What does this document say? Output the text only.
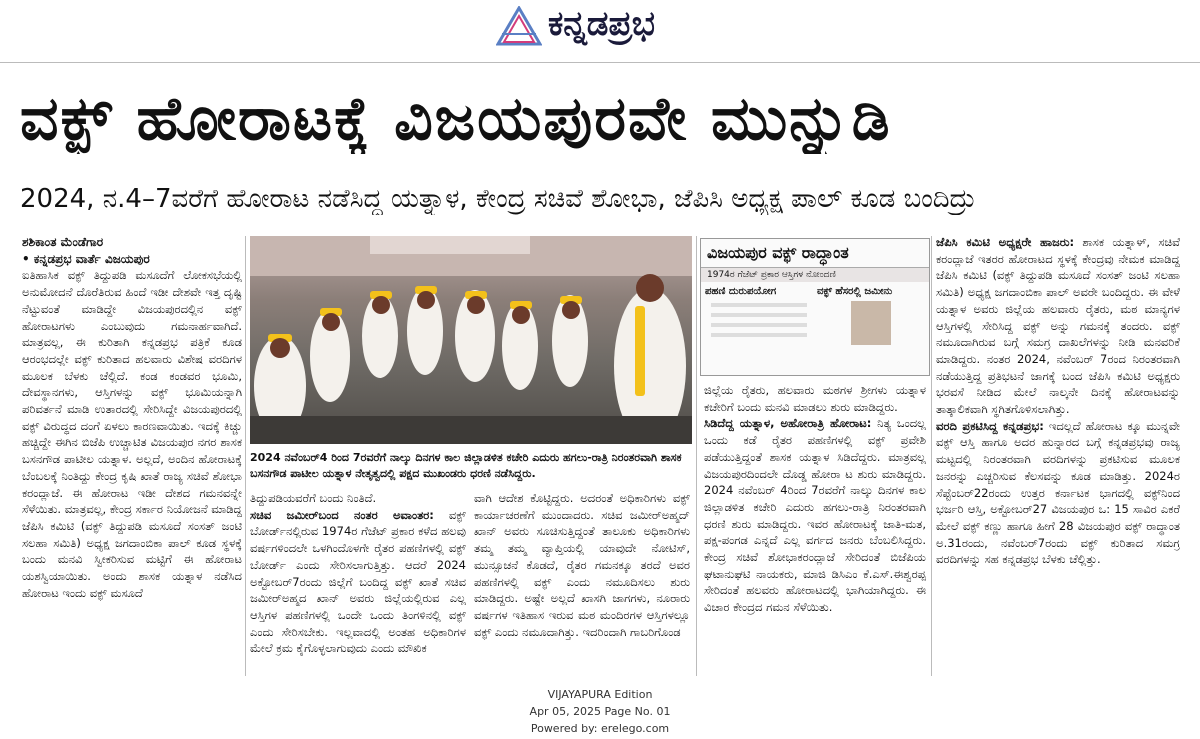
ಕನ್ನಡಪ್ರಭ
ವಕ್ಫ್ ಹೋರಾಟಕ್ಕೆ ವಿಜಯಪುರವೇ ಮುನ್ನುಡಿ
2024, ನ.4–7ವರೆಗೆ ಹೋರಾಟ ನಡೆಸಿದ್ದ ಯತ್ನಾಳ, ಕೇಂದ್ರ ಸಚಿವೆ ಶೋಭಾ, ಜೆಪಿಸಿ ಅಧ್ಯಕ್ಷ ಪಾಲ್ ಕೂಡ ಬಂದಿದ್ರು
ಶಶಿಕಾಂತ ಮೆಂಡೆಗಾರ
• ಕನ್ನಡಪ್ರಭ ವಾರ್ತೆ ವಿಜಯಪುರ
ಐತಿಹಾಸಿಕ ವಕ್ಫ್ ತಿದ್ದುಪಡಿ ಮಸೂದೆಗೆ ಲೋಕಸಭೆಯಲ್ಲಿ ಅನುಮೋದನೆ ದೊರೆತಿರುವ ಹಿಂದೆ ಇಡೀ ದೇಶವೇ ಇತ್ತ ದೃಷ್ಟಿ ನೆಟ್ಟುವಂತೆ ಮಾಡಿದ್ದೇ ವಿಜಯಪುರದಲ್ಲಿನ ವಕ್ಫ್ ಹೋರಾಟಗಳು ಎಂಬುವುದು ಗಮನಾರ್ಹವಾಗಿದೆ. ಮಾತ್ರವಲ್ಲ, ಈ ಕುರಿತಾಗಿ ಕನ್ನಡಪ್ರಭ ಪತ್ರಿಕೆ ಕೂಡ ಆರಂಭದಲ್ಲೇ ವಕ್ಫ್ ಕುರಿತಾದ ಹಲವಾರು ವಿಶೇಷ ವರದಿಗಳ ಮೂಲಕ ಬೆಳಕು ಚೆಲ್ಲಿದೆ. ಕಂಡ ಕಂಡವರ ಭೂಮಿ, ದೇವಸ್ಥಾನಗಳು, ಆಸ್ತಿಗಳನ್ನು ವಕ್ಫ್ ಭೂಮಿಯನ್ನಾಗಿ ಪರಿವರ್ತನೆ ಮಾಡಿ ಉತಾರದಲ್ಲಿ ಸೇರಿಸಿದ್ದೇ ವಿಜಯಪುರದಲ್ಲಿ ವಕ್ಫ್ ವಿರುದ್ಧದ ದಂಗೆ ಏಳಲು ಕಾರಣವಾಯಿತು. ಇದಕ್ಕೆ ಕಿಚ್ಚು ಹಚ್ಚಿದ್ದೇ ಈಗಿನ ಬಿಜೆಪಿ ಉಚ್ಚಾಟಿತ ವಿಜಯಪುರ ನಗರ ಶಾಸಕ ಬಸನಗೌಡ ಪಾಟೀಲ ಯತ್ನಾಳ. ಅಲ್ಲದೆ, ಅಂದಿನ ಹೋರಾಟಕ್ಕೆ ಬೆಂಬಲಕ್ಕೆ ನಿಂತಿದ್ದು ಕೇಂದ್ರ ಕೃಷಿ ಖಾತೆ ರಾಜ್ಯ ಸಚಿವೆ ಶೋಭಾ ಕರಂದ್ಲಾಜೆ. ಈ ಹೋರಾಟ ಇಡೀ ದೇಶದ ಗಮನವನ್ನೇ ಸೆಳೆಯಿತು. ಮಾತ್ರವಲ್ಲ, ಕೇಂದ್ರ ಸರ್ಕಾರ ನಿಯೋಜನೆ ಮಾಡಿದ್ದ ಜೆಪಿಸಿ ಕಮಿಟಿ (ವಕ್ಫ್ ತಿದ್ದುಪಡಿ ಮಸೂದೆ ಸಂಸತ್ ಜಂಟಿ ಸಲಹಾ ಸಮಿತಿ) ಅಧ್ಯಕ್ಷ ಜಗದಾಂಬಿಕಾ ಪಾಲ್ ಕೂಡ ಸ್ಥಳಕ್ಕೆ ಬಂದು ಮನವಿ ಸ್ವೀಕರಿಸುವ ಮಟ್ಟಿಗೆ ಈ ಹೋರಾಟ ಯಶಸ್ವಿಯಾಯಿತು. ಅಂದು ಶಾಸಕ ಯತ್ನಾಳ ನಡೆಸಿದ ಹೋರಾಟ ಇಂದು ವಕ್ಫ್ ಮಸೂದೆ
2024 ನವೆಂಬರ್4 ರಿಂದ 7ರವರೆಗೆ ನಾಲ್ಕು ದಿನಗಳ ಕಾಲ ಜಿಲ್ಲಾಡಳಿತ ಕಚೇರಿ ಎದುರು ಹಗಲು-ರಾತ್ರಿ ನಿರಂತರವಾಗಿ ಶಾಸಕ ಬಸನಗೌಡ ಪಾಟೀಲ ಯತ್ನಾಳ ನೇತೃತ್ವದಲ್ಲಿ ಪಕ್ಷದ ಮುಖಂಡರು ಧರಣಿ ನಡೆಸಿದ್ದರು.
ತಿದ್ದುಪಡಿಯವರೆಗೆ ಬಂದು ನಿಂತಿದೆ.
ಸಚಿವ ಜಮೀರ್‌ಬಂದ ನಂತರ ಅವಾಂತರ: ವಕ್ಫ್ ಬೋರ್ಡ್‌ನಲ್ಲಿರುವ 1974ರ ಗೆಜೆಟ್ ಪ್ರಕಾರ ಕಳೆದ ಹಲವು ವರ್ಷಗಳಿಂದಲೇ ಒಳಗಿಂದೊಳಗೇ ರೈತರ ಪಹಣಿಗಳಲ್ಲಿ ವಕ್ಫ್ ಬೋರ್ಡ್ ಎಂದು ಸೇರಿಸಲಾಗುತ್ತಿತ್ತು. ಆದರೆ 2024 ಅಕ್ಟೋಬರ್7ರಂದು ಜಿಲ್ಲೆಗೆ ಬಂದಿದ್ದ ವಕ್ಫ್ ಖಾತೆ ಸಚಿವ ಜಮೀರ್‌ಅಹ್ಮದ ಖಾನ್ ಅವರು ಜಿಲ್ಲೆಯಲ್ಲಿರುವ ಎಲ್ಲ ಆಸ್ತಿಗಳ ಪಹಣಿಗಳಲ್ಲಿ ಒಂದೇ ಒಂದು ತಿಂಗಳಿನಲ್ಲಿ ವಕ್ಫ್ ಎಂದು ಸೇರಿಸಬೇಕು. ಇಲ್ಲವಾದಲ್ಲಿ ಅಂತಹ ಅಧಿಕಾರಿಗಳ ಮೇಲೆ ಕ್ರಮ ಕೈಗೊಳ್ಳಲಾಗುವುದು ಎಂದು ಮೌಖಿಕ
ವಾಗಿ ಆದೇಶ ಕೊಟ್ಟಿದ್ದರು. ಅದರಂತೆ ಅಧಿಕಾರಿಗಳು ವಕ್ಫ್ ಕಾರ್ಯಾಚರಣೆಗೆ ಮುಂದಾದರು. ಸಚಿವ ಜಮೀರ್‌ಅಹ್ಮದ್ ಖಾನ್ ಅವರು ಸೂಚಿಸುತ್ತಿದ್ದಂತೆ ತಾಲೂಕು ಅಧಿಕಾರಿಗಳು ತಮ್ಮ ತಮ್ಮ ವ್ಯಾಪ್ತಿಯಲ್ಲಿ ಯಾವುದೇ ನೋಟಿಸ್, ಮುನ್ಸೂಚನೆ ಕೊಡದೆ, ರೈತರ ಗಮನಕ್ಕೂ ತರದೆ ಅವರ ಪಹಣಿಗಳಲ್ಲಿ ವಕ್ಫ್ ಎಂದು ನಮೂದಿಸಲು ಶುರು ಮಾಡಿದ್ದರು. ಅಷ್ಟೇ ಅಲ್ಲದೆ ಖಾಸಗಿ ಜಾಗಗಳು, ನೂರಾರು ವರ್ಷಗಳ ಇತಿಹಾಸ ಇರುವ ಮಠ ಮಂದಿರಗಳ ಆಸ್ತಿಗಳಲ್ಲೂ ವಕ್ಫ್ ಎಂದು ನಮೂದಾಗಿತ್ತು. ಇದರಿಂದಾಗಿ ಗಾಬರಿಗೊಂಡ
ವಿಜಯಪುರ ವಕ್ಫ್ ರಾದ್ಧಾಂತ
1974ರ ಗೆಜೆಟ್ ಪ್ರಕಾರ ಆಸ್ತಿಗಳ ನೋಂದಣಿ
ಪಹಣಿ ದುರುಪಯೋಗ	ವಕ್ಫ್ ಹೆಸರಲ್ಲಿ ಜಮೀನು
ಜಿಲ್ಲೆಯ ರೈತರು, ಹಲವಾರು ಮಠಗಳ ಶ್ರೀಗಳು ಯತ್ನಾಳ ಕಚೇರಿಗೆ ಬಂದು ಮನವಿ ಮಾಡಲು ಶುರು ಮಾಡಿದ್ದರು.
ಸಿಡಿದೆದ್ದ ಯತ್ನಾಳ, ಅಹೋರಾತ್ರಿ ಹೋರಾಟ: ನಿತ್ಯ ಒಂದಲ್ಲ ಒಂದು ಕಡೆ ರೈತರ ಪಹಣಿಗಳಲ್ಲಿ ವಕ್ಫ್ ಪ್ರವೇಶಿ ಪಡೆಯುತ್ತಿದ್ದಂತೆ ಶಾಸಕ ಯತ್ನಾಳ ಸಿಡಿದೆದ್ದರು. ಮಾತ್ರವಲ್ಲ ವಿಜಯಪುರದಿಂದಲೇ ದೊಡ್ಡ ಹೋರಾ ಟ ಶುರು ಮಾಡಿದ್ದರು. 2024 ನವೆಂಬರ್ 4ರಿಂದ 7ರವರೆಗೆ ನಾಲ್ಕು ದಿನಗಳ ಕಾಲ ಜಿಲ್ಲಾಡಳಿತ ಕಚೇರಿ ಎದುರು ಹಗಲು-ರಾತ್ರಿ ನಿರಂತರವಾಗಿ ಧರಣಿ ಶುರು ಮಾಡಿದ್ದರು. ಇವರ ಹೋರಾಟಕ್ಕೆ ಜಾತಿ-ಮತ, ಪಕ್ಷ-ಪಂಗಡ ಎನ್ನದೆ ಎಲ್ಲ ವರ್ಗದ ಜನರು ಬೆಂಬಲಿಸಿದ್ದರು. ಕೇಂದ್ರ ಸಚಿವೆ ಶೋಭಾಕರಂದ್ಲಾಜೆ ಸೇರಿದಂತೆ ಬಿಜೆಪಿಯ ಘಟಾನುಘಟಿ ನಾಯಕರು, ಮಾಜಿ ಡಿಸಿಎಂ ಕೆ.ಎಸ್.ಈಶ್ವರಪ್ಪ ಸೇರಿದಂತೆ ಹಲವರು ಹೋರಾಟದಲ್ಲಿ ಭಾಗಿಯಾಗಿದ್ದರು. ಈ ವಿಚಾರ ಕೇಂದ್ರದ ಗಮನ ಸೆಳೆಯಿತು.
ಜೆಪಿಸಿ ಕಮಿಟಿ ಅಧ್ಯಕ್ಷರೇ ಹಾಜರು: ಶಾಸಕ ಯತ್ನಾಳ್, ಸಚಿವೆ ಕರಂದ್ಲಾಜೆ ಇತರರ ಹೋರಾಟದ ಸ್ಥಳಕ್ಕೆ ಕೇಂದ್ರವು ನೇಮಕ ಮಾಡಿದ್ದ ಜೆಪಿಸಿ ಕಮಿಟಿ (ವಕ್ಫ್ ತಿದ್ದುಪಡಿ ಮಸೂದೆ ಸಂಸತ್ ಜಂಟಿ ಸಲಹಾ ಸಮಿತಿ) ಅಧ್ಯಕ್ಷ ಜಗದಾಂಬಿಕಾ ಪಾಲ್ ಅವರೇ ಬಂದಿದ್ದರು. ಈ ವೇಳೆ ಯತ್ನಾಳ ಅವರು ಜಿಲ್ಲೆಯ ಹಲವಾರು ರೈತರು, ಮಠ ಮಾನ್ಯಗಳ ಆಸ್ತಿಗಳಲ್ಲಿ ಸೇರಿಸಿದ್ದ ವಕ್ಫ್ ಅನ್ನು ಗಮನಕ್ಕೆ ತಂದರು. ವಕ್ಫ್ ನಮೂದಾಗಿರುವ ಬಗ್ಗೆ ಸಮಗ್ರ ದಾಖಲೆಗಳನ್ನು ನೀಡಿ ಮನವರಿಕೆ ಮಾಡಿದ್ದರು. ನಂತರ 2024, ನವೆಂಬರ್ 7ರಂದ ನಿರಂತರವಾಗಿ ನಡೆಯುತ್ತಿದ್ದ ಪ್ರತಿಭಟನೆ ಜಾಗಕ್ಕೆ ಬಂದ ಜೆಪಿಸಿ ಕಮಿಟಿ ಅಧ್ಯಕ್ಷರು ಭರವಸೆ ನೀಡಿದ ಮೇಲೆ ನಾಲ್ಕನೇ ದಿನಕ್ಕೆ ಹೋರಾಟವನ್ನು ತಾತ್ಕಾಲಿಕವಾಗಿ ಸ್ಥಗಿತಗೊಳಿಸಲಾಗಿತ್ತು.
ವರದಿ ಪ್ರಕಟಿಸಿದ್ದ ಕನ್ನಡಪ್ರಭ: ಇದಲ್ಲದೆ ಹೋರಾಟ ಕ್ಕೂ ಮುನ್ನವೇ ವಕ್ಫ್ ಆಸ್ತಿ ಹಾಗೂ ಅದರ ಹುನ್ನಾರದ ಬಗ್ಗೆ ಕನ್ನಡಪ್ರಭವು ರಾಜ್ಯ ಮಟ್ಟದಲ್ಲಿ ನಿರಂತರವಾಗಿ ವರದಿಗಳನ್ನು ಪ್ರಕಟಿಸುವ ಮೂಲಕ ಜನರನ್ನು ಎಚ್ಚರಿಸುವ ಕೆಲಸವನ್ನು ಕೂಡ ಮಾಡಿತ್ತು. 2024ರ ಸೆಪ್ಟೆಂಬರ್22ರಂದು ಉತ್ತರ ಕರ್ನಾಟಕ ಭಾಗದಲ್ಲಿ ವಕ್ಫ್‌ನಿಂದ ಭರ್ಜರಿ ಆಸ್ತಿ, ಅಕ್ಟೋಬರ್27 ವಿಜಯಪುರ ಒ: 15 ಸಾವಿರ ಎಕರೆ ಮೇಲೆ ವಕ್ಫ್ ಕಣ್ಣು ಹಾಗೂ ಹೀಗೆ 28 ವಿಜಯಪುರ ವಕ್ಫ್ ರಾದ್ಧಾಂತ ಅ.31ರಂದು, ನವೆಂಬರ್7ರಂದು ವಕ್ಫ್ ಕುರಿತಾದ ಸಮಗ್ರ ವರದಿಗಳನ್ನು ಸಹ ಕನ್ನಡಪ್ರಭ ಬೆಳಕು ಚೆಲ್ಲಿತ್ತು.
VIJAYAPURA Edition
Apr 05, 2025 Page No. 01
Powered by: erelego.com
